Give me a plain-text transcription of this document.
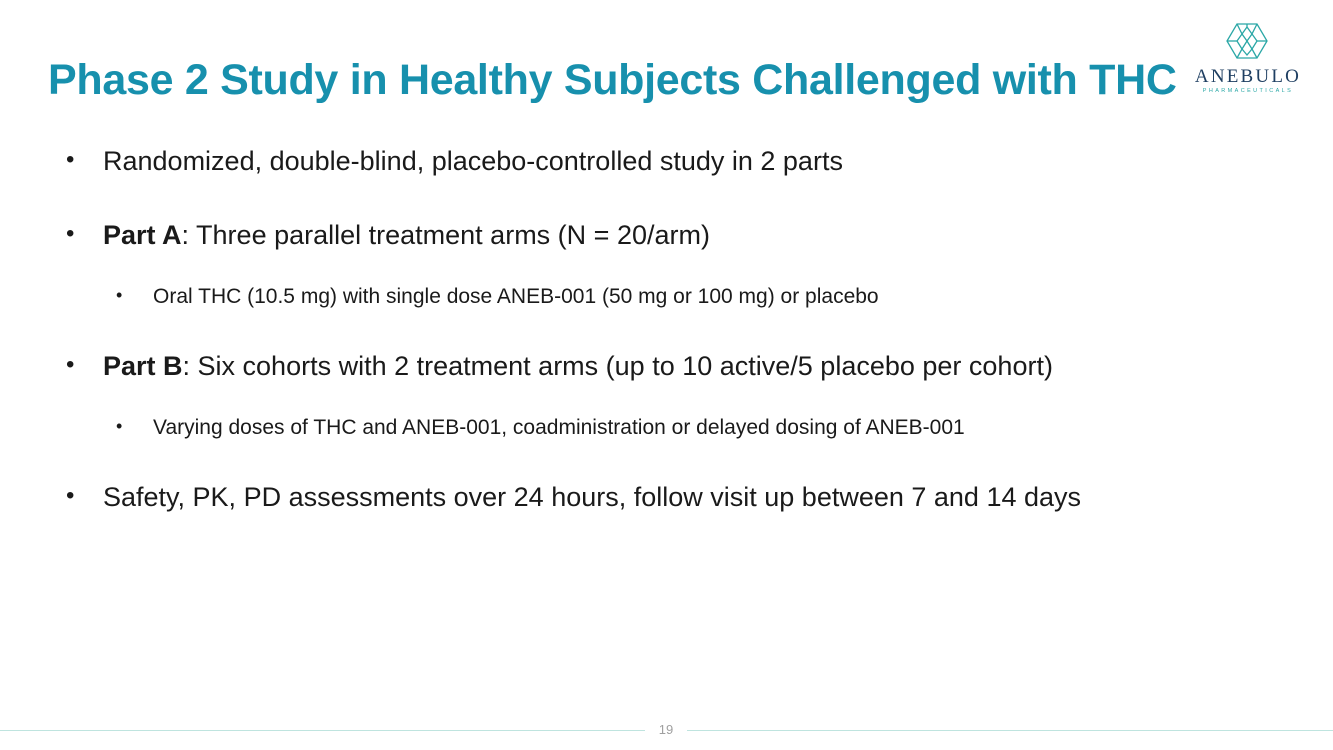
Phase 2 Study in Healthy Subjects Challenged with THC ANEBULO
PHARMACEUTICALS
• Randomized, double-blind, placebo-controlled study in 2 parts
• Part A: Three parallel treatment arms (N = 20/arm)
• Oral THC (10.5 mg) with single dose ANEB-001 (50 mg or 100 mg) or placebo
• Part B: Six cohorts with 2 treatment arms (up to 10 active/5 placebo per cohort)
• Varying doses of THC and ANEB-001, coadministration or delayed dosing of ANEB-001
• Safety, PK, PD assessments over 24 hours, follow visit up between 7 and 14 days
19
